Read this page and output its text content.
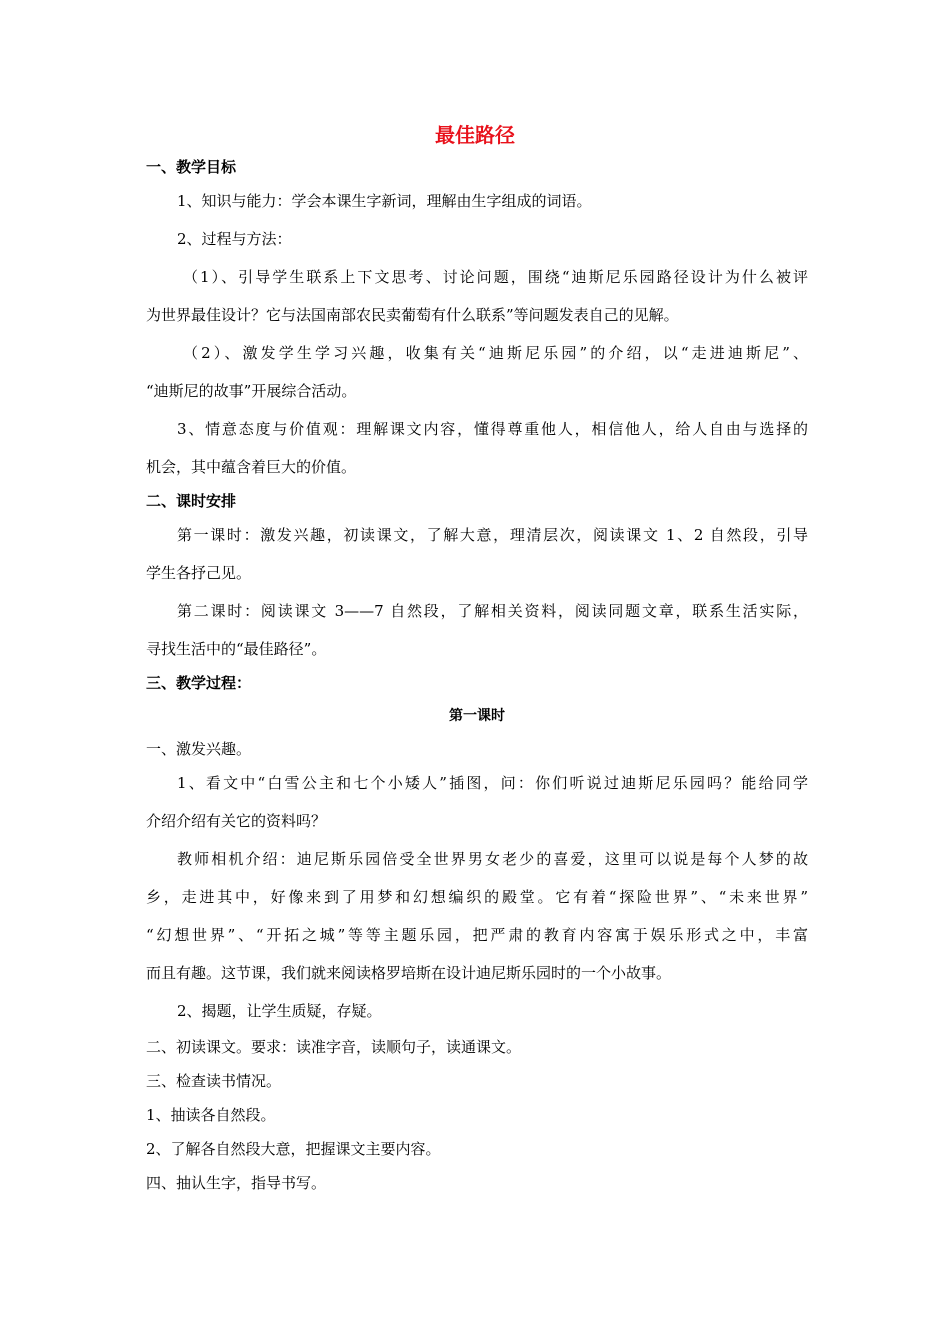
最佳路径

一、教学目标

1、知识与能力：学会本课生字新词，理解由生字组成的词语。

2、过程与方法：

（1）、引导学生联系上下文思考、讨论问题，围绕“迪斯尼乐园路径设计为什么被评

为世界最佳设计？它与法国南部农民卖葡萄有什么联系”等问题发表自己的见解。

（2）、激发学生学习兴趣，收集有关“迪斯尼乐园”的介绍，以“走进迪斯尼”、

“迪斯尼的故事”开展综合活动。

3、情意态度与价值观：理解课文内容，懂得尊重他人，相信他人，给人自由与选择的

机会，其中蕴含着巨大的价值。

二、课时安排

第一课时：激发兴趣，初读课文，了解大意，理清层次，阅读课文 1、2 自然段，引导

学生各抒己见。

第二课时：阅读课文 3——7 自然段，了解相关资料，阅读同题文章，联系生活实际，

寻找生活中的“最佳路径”。

三、教学过程：

第一课时

一、激发兴趣。

1、看文中“白雪公主和七个小矮人”插图，问：你们听说过迪斯尼乐园吗？能给同学

介绍介绍有关它的资料吗？

教师相机介绍：迪尼斯乐园倍受全世界男女老少的喜爱，这里可以说是每个人梦的故

乡，走进其中，好像来到了用梦和幻想编织的殿堂。它有着“探险世界”、“未来世界”

“幻想世界”、“开拓之城”等等主题乐园，把严肃的教育内容寓于娱乐形式之中，丰富

而且有趣。这节课，我们就来阅读格罗培斯在设计迪尼斯乐园时的一个小故事。

2、揭题，让学生质疑，存疑。

二、初读课文。要求：读准字音，读顺句子，读通课文。

三、检查读书情况。

1、抽读各自然段。

2、了解各自然段大意，把握课文主要内容。

四、抽认生字，指导书写。
